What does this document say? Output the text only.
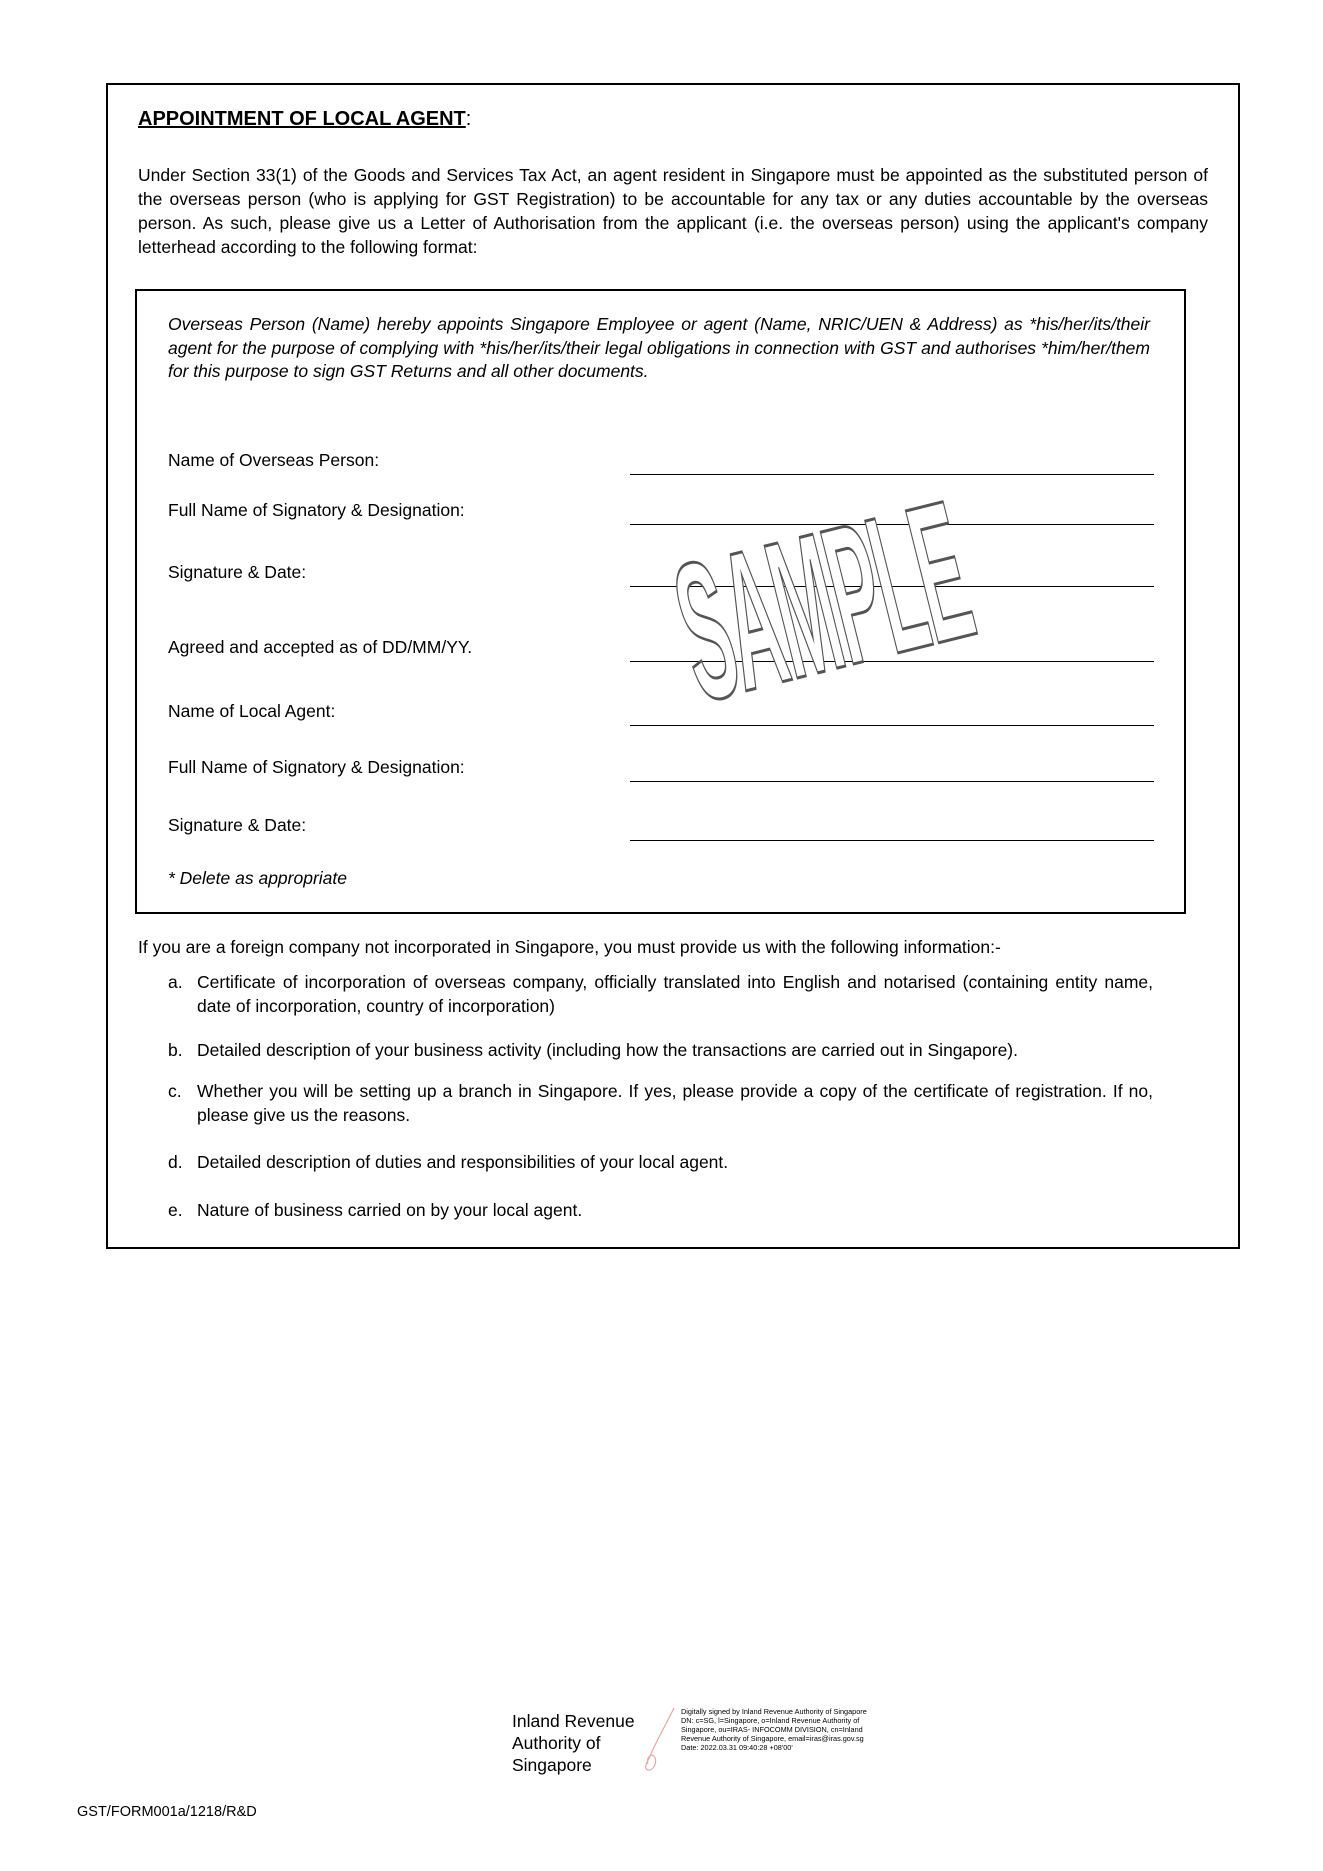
APPOINTMENT OF LOCAL AGENT:
Under Section 33(1) of the Goods and Services Tax Act, an agent resident in Singapore must be appointed as the substituted person of the overseas person (who is applying for GST Registration) to be accountable for any tax or any duties accountable by the overseas person. As such, please give us a Letter of Authorisation from the applicant (i.e. the overseas person) using the applicant's company letterhead according to the following format:
Overseas Person (Name) hereby appoints Singapore Employee or agent (Name, NRIC/UEN & Address) as *his/her/its/their agent for the purpose of complying with *his/her/its/their legal obligations in connection with GST and authorises *him/her/them for this purpose to sign GST Returns and all other documents.
Name of Overseas Person:
Full Name of Signatory & Designation:
Signature & Date:
Agreed and accepted as of DD/MM/YY.
Name of Local Agent:
Full Name of Signatory & Designation:
Signature & Date:
* Delete as appropriate
SAMPLE
If you are a foreign company not incorporated in Singapore, you must provide us with the following information:-
a. Certificate of incorporation of overseas company, officially translated into English and notarised (containing entity name, date of incorporation, country of incorporation)
b. Detailed description of your business activity (including how the transactions are carried out in Singapore).
c. Whether you will be setting up a branch in Singapore. If yes, please provide a copy of the certificate of registration. If no, please give us the reasons.
d. Detailed description of duties and responsibilities of your local agent.
e. Nature of business carried on by your local agent.
Inland Revenue Authority of Singapore
Digitally signed by Inland Revenue Authority of Singapore DN: c=SG, l=Singapore, o=Inland Revenue Authority of Singapore, ou=IRAS- INFOCOMM DIVISION, cn=Inland Revenue Authority of Singapore, email=iras@iras.gov.sg Date: 2022.03.31 09:40:28 +08'00'
GST/FORM001a/1218/R&D
